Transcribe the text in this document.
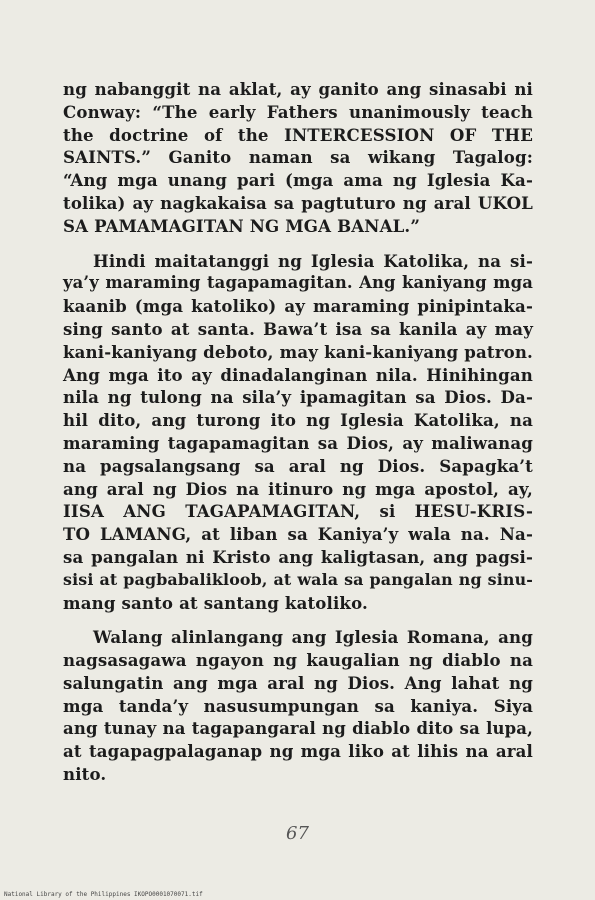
ng nabanggit na aklat, ay ganito ang sinasabi ni
Conway: “The early Fathers unanimously teach
the doctrine of the INTERCESSION OF THE
SAINTS.” Ganito naman sa wikang Tagalog:
“Ang mga unang pari (mga ama ng Iglesia Ka-
tolika) ay nagkakaisa sa pagtuturo ng aral UKOL
SA PAMAMAGITAN NG MGA BANAL.”
Hindi maitatanggi ng Iglesia Katolika, na si-
ya’y maraming tagapamagitan. Ang kaniyang mga
kaanib (mga katoliko) ay maraming pinipintaka-
sing santo at santa. Bawa’t isa sa kanila ay may
kani-kaniyang deboto, may kani-kaniyang patron.
Ang mga ito ay dinadalanginan nila. Hinihingan
nila ng tulong na sila’y ipamagitan sa Dios. Da-
hil dito, ang turong ito ng Iglesia Katolika, na
maraming tagapamagitan sa Dios, ay maliwanag
na pagsalangsang sa aral ng Dios. Sapagka’t
ang aral ng Dios na itinuro ng mga apostol, ay,
IISA ANG TAGAPAMAGITAN, si HESU-KRIS-
TO LAMANG, at liban sa Kaniya’y wala na. Na-
sa pangalan ni Kristo ang kaligtasan, ang pagsi-
sisi at pagbabalikloob, at wala sa pangalan ng sinu-
mang santo at santang katoliko.
Walang alinlangang ang Iglesia Romana, ang
nagsasagawa ngayon ng kaugalian ng diablo na
salungatin ang mga aral ng Dios. Ang lahat ng
mga tanda’y nasusumpungan sa kaniya. Siya
ang tunay na tagapangaral ng diablo dito sa lupa,
at tagapagpalaganap ng mga liko at lihis na aral
nito.
67
National Library of the Philippines IKOPO0001070071.tif
